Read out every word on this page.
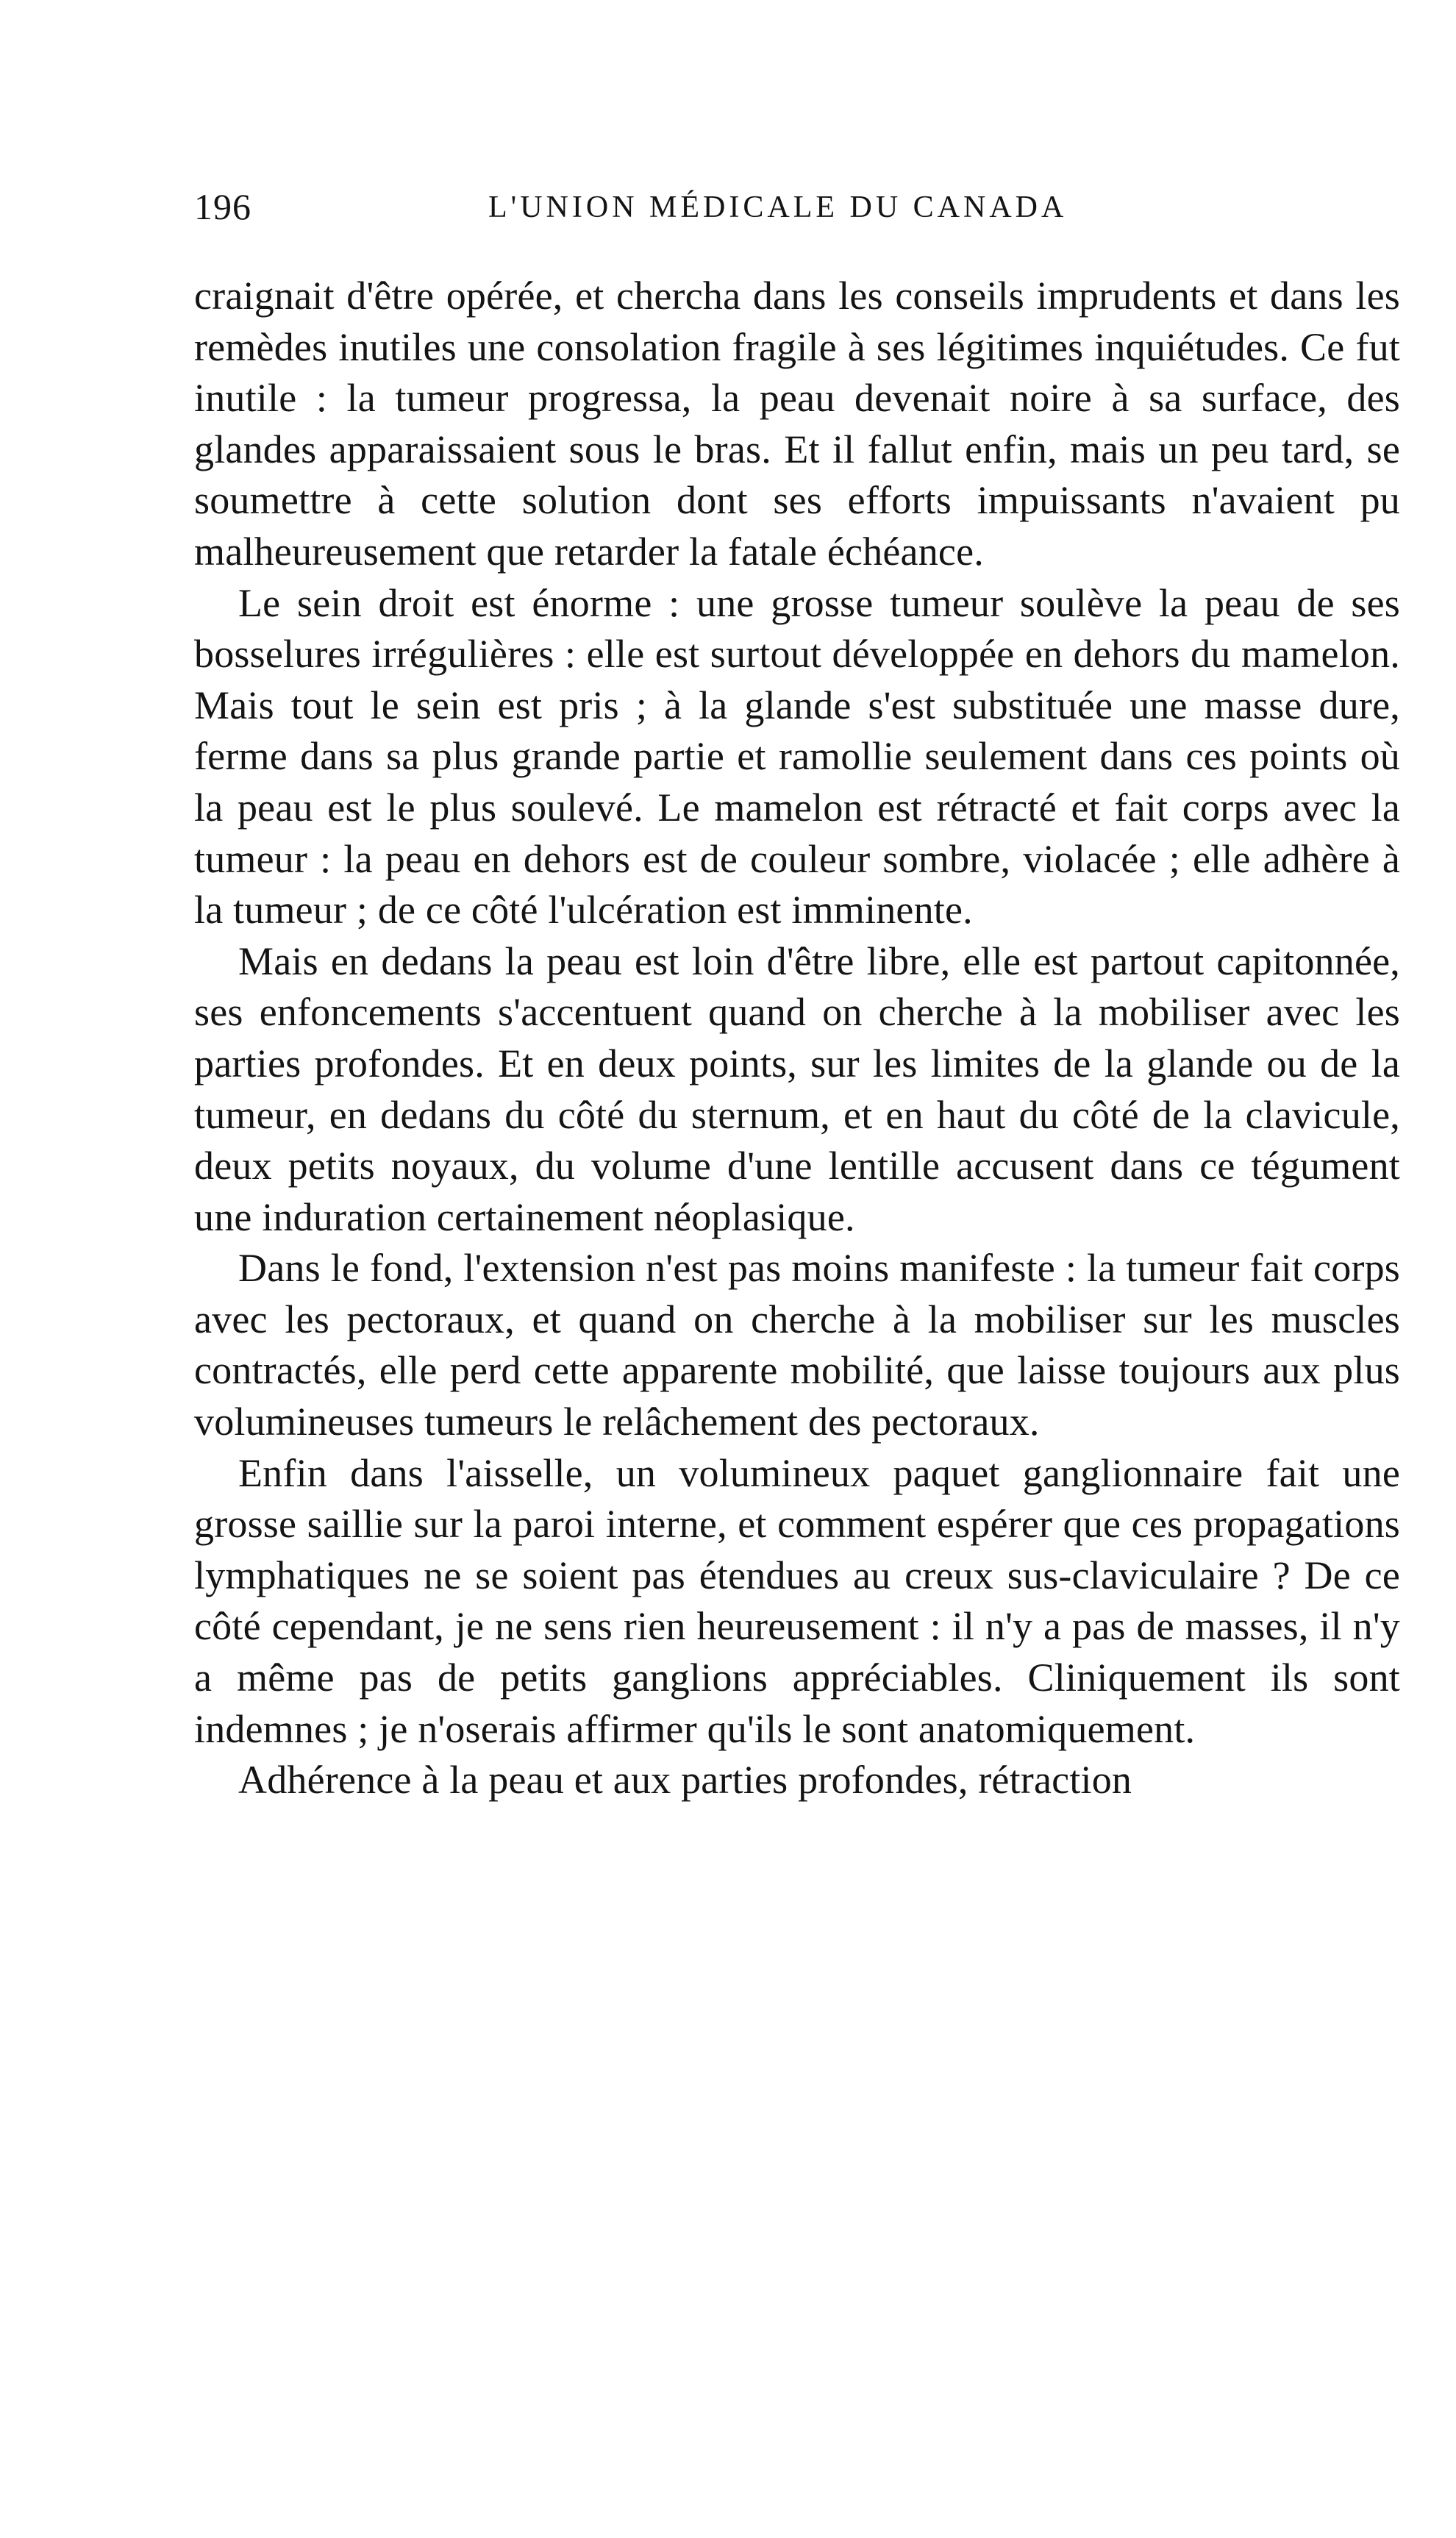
196	L'UNION MÉDICALE DU CANADA

craignait d'être opérée, et chercha dans les conseils imprudents et dans les remèdes inutiles une consolation fragile à ses légitimes inquiétudes. Ce fut inutile : la tumeur progressa, la peau devenait noire à sa surface, des glandes apparaissaient sous le bras. Et il fallut enfin, mais un peu tard, se soumettre à cette solution dont ses efforts impuissants n'avaient pu malheureusement que retarder la fatale échéance.

Le sein droit est énorme : une grosse tumeur soulève la peau de ses bosselures irrégulières : elle est surtout développée en dehors du mamelon. Mais tout le sein est pris ; à la glande s'est substituée une masse dure, ferme dans sa plus grande partie et ramollie seulement dans ces points où la peau est le plus soulevé. Le mamelon est rétracté et fait corps avec la tumeur : la peau en dehors est de couleur sombre, violacée ; elle adhère à la tumeur ; de ce côté l'ulcération est imminente.

Mais en dedans la peau est loin d'être libre, elle est partout capitonnée, ses enfoncements s'accentuent quand on cherche à la mobiliser avec les parties profondes. Et en deux points, sur les limites de la glande ou de la tumeur, en dedans du côté du sternum, et en haut du côté de la clavicule, deux petits noyaux, du volume d'une lentille accusent dans ce tégument une induration certainement néoplasique.

Dans le fond, l'extension n'est pas moins manifeste : la tumeur fait corps avec les pectoraux, et quand on cherche à la mobiliser sur les muscles contractés, elle perd cette apparente mobilité, que laisse toujours aux plus volumineuses tumeurs le relâchement des pectoraux.

Enfin dans l'aisselle, un volumineux paquet ganglionnaire fait une grosse saillie sur la paroi interne, et comment espérer que ces propagations lymphatiques ne se soient pas étendues au creux sus-claviculaire ? De ce côté cependant, je ne sens rien heureusement : il n'y a pas de masses, il n'y a même pas de petits ganglions appréciables. Cliniquement ils sont indemnes ; je n'oserais affirmer qu'ils le sont anatomiquement.

Adhérence à la peau et aux parties profondes, rétraction
